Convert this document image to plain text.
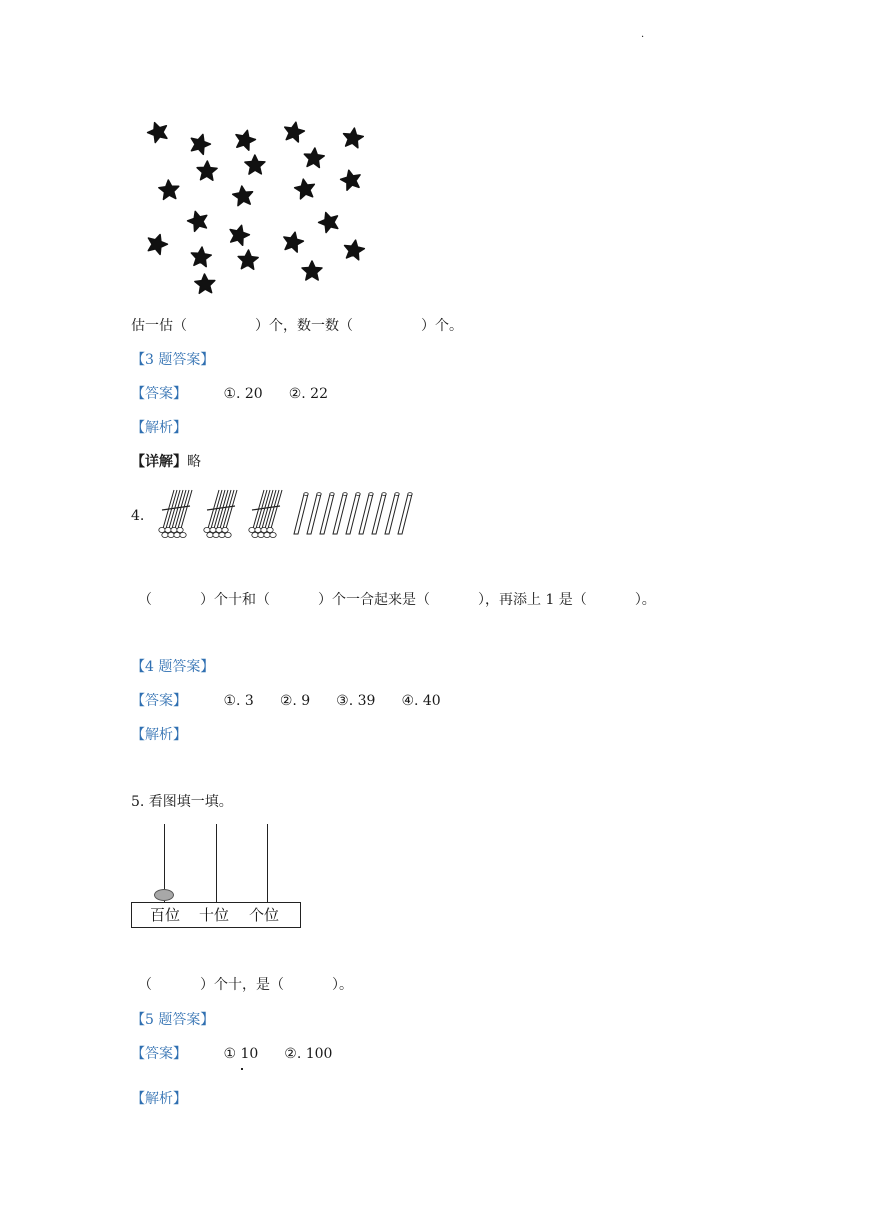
·
估一估（	）个，数一数（	）个。
【3 题答案】
【答案】	①. 20 ②. 22
【解析】
【详解】略
4.
（	）个十和（	）个一合起来是（	），再添上 1 是（	）。
【4 题答案】
【答案】	①. 3 ②. 9 ③. 39 ④. 40
【解析】
5. 看图填一填。
百位 十位 个位
（	）个十，是（	）。
【5 题答案】
【答案】	① 10 ②. 100
【解析】
